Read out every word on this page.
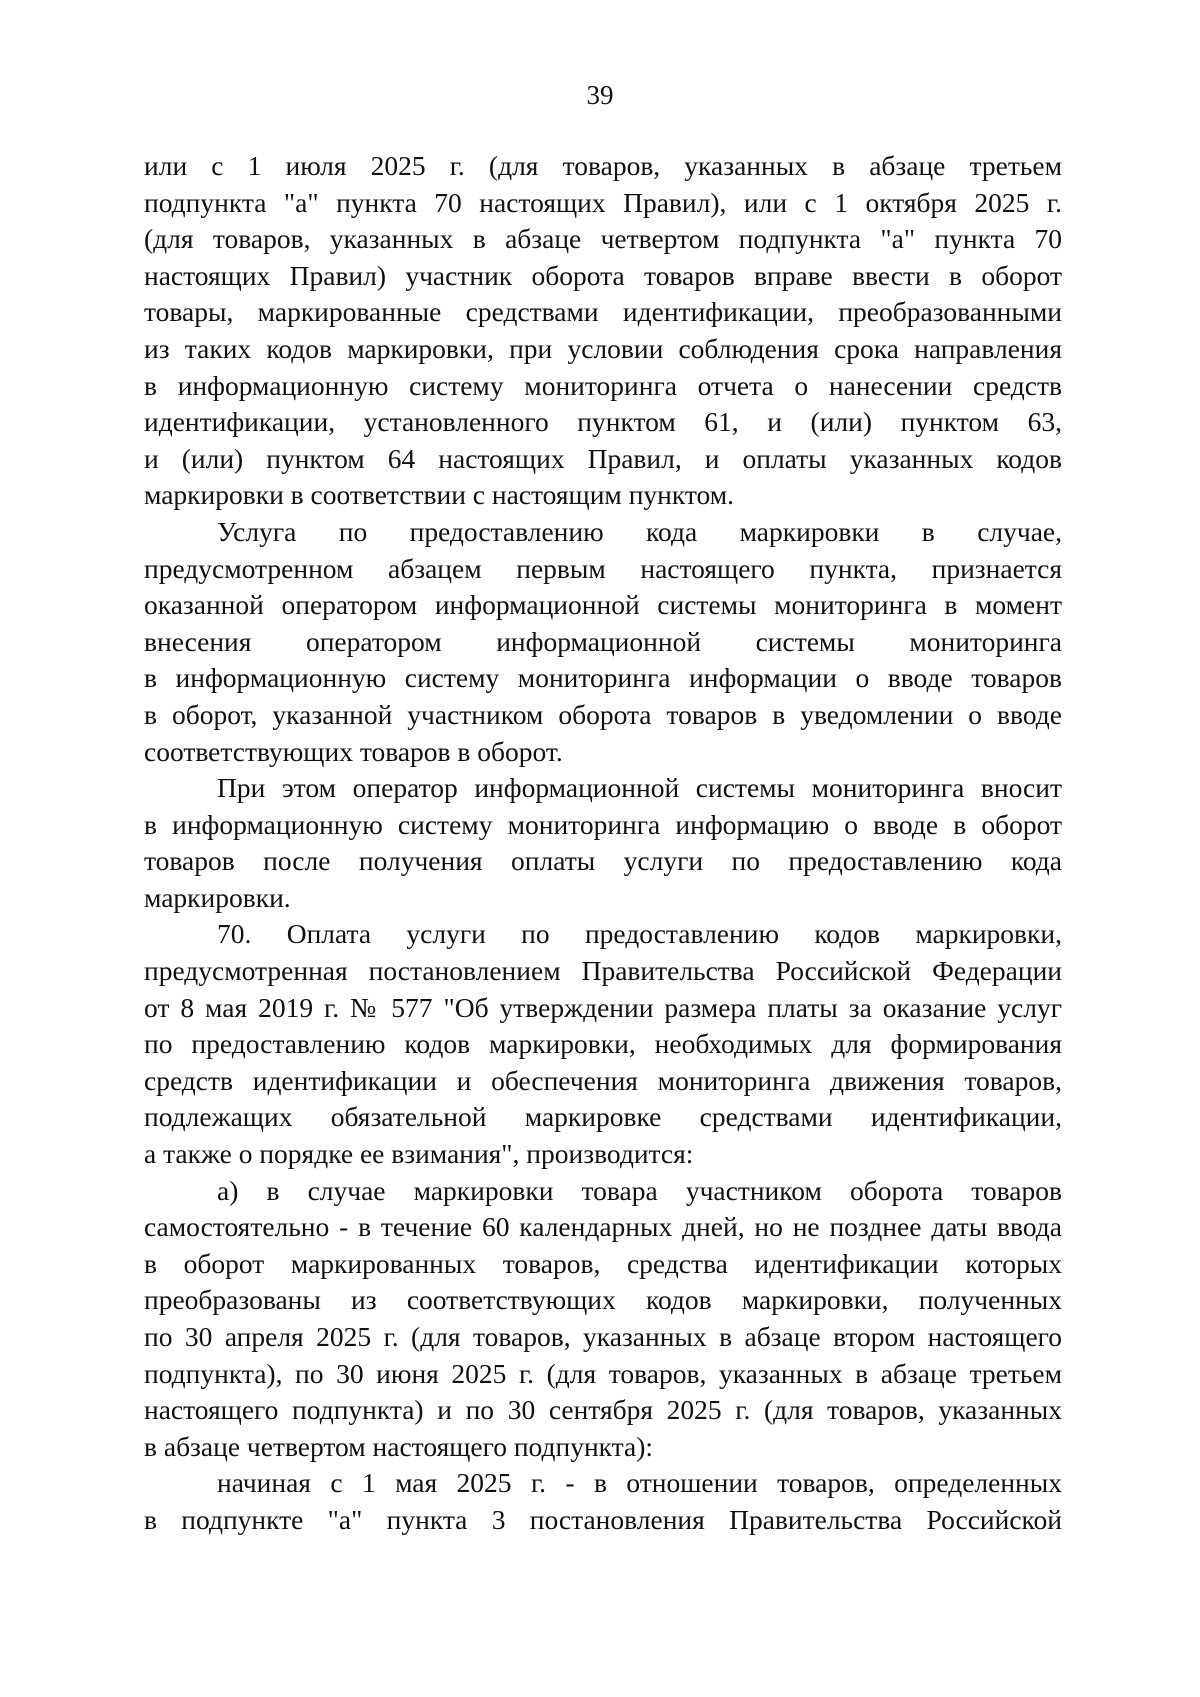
39
или с 1 июля 2025 г. (для товаров, указанных в абзаце третьем
подпункта "а" пункта 70 настоящих Правил), или с 1 октября 2025 г.
(для товаров, указанных в абзаце четвертом подпункта "а" пункта 70
настоящих Правил) участник оборота товаров вправе ввести в оборот
товары, маркированные средствами идентификации, преобразованными
из таких кодов маркировки, при условии соблюдения срока направления
в информационную систему мониторинга отчета о нанесении средств
идентификации, установленного пунктом 61, и (или) пунктом 63,
и (или) пунктом 64 настоящих Правил, и оплаты указанных кодов
маркировки в соответствии с настоящим пунктом.
Услуга по предоставлению кода маркировки в случае,
предусмотренном абзацем первым настоящего пункта, признается
оказанной оператором информационной системы мониторинга в момент
внесения оператором информационной системы мониторинга
в информационную систему мониторинга информации о вводе товаров
в оборот, указанной участником оборота товаров в уведомлении о вводе
соответствующих товаров в оборот.
При этом оператор информационной системы мониторинга вносит
в информационную систему мониторинга информацию о вводе в оборот
товаров после получения оплаты услуги по предоставлению кода
маркировки.
70. Оплата услуги по предоставлению кодов маркировки,
предусмотренная постановлением Правительства Российской Федерации
от 8 мая 2019 г. № 577 "Об утверждении размера платы за оказание услуг
по предоставлению кодов маркировки, необходимых для формирования
средств идентификации и обеспечения мониторинга движения товаров,
подлежащих обязательной маркировке средствами идентификации,
а также о порядке ее взимания", производится:
а) в случае маркировки товара участником оборота товаров
самостоятельно - в течение 60 календарных дней, но не позднее даты ввода
в оборот маркированных товаров, средства идентификации которых
преобразованы из соответствующих кодов маркировки, полученных
по 30 апреля 2025 г. (для товаров, указанных в абзаце втором настоящего
подпункта), по 30 июня 2025 г. (для товаров, указанных в абзаце третьем
настоящего подпункта) и по 30 сентября 2025 г. (для товаров, указанных
в абзаце четвертом настоящего подпункта):
начиная с 1 мая 2025 г. - в отношении товаров, определенных
в подпункте "а" пункта 3 постановления Правительства Российской
